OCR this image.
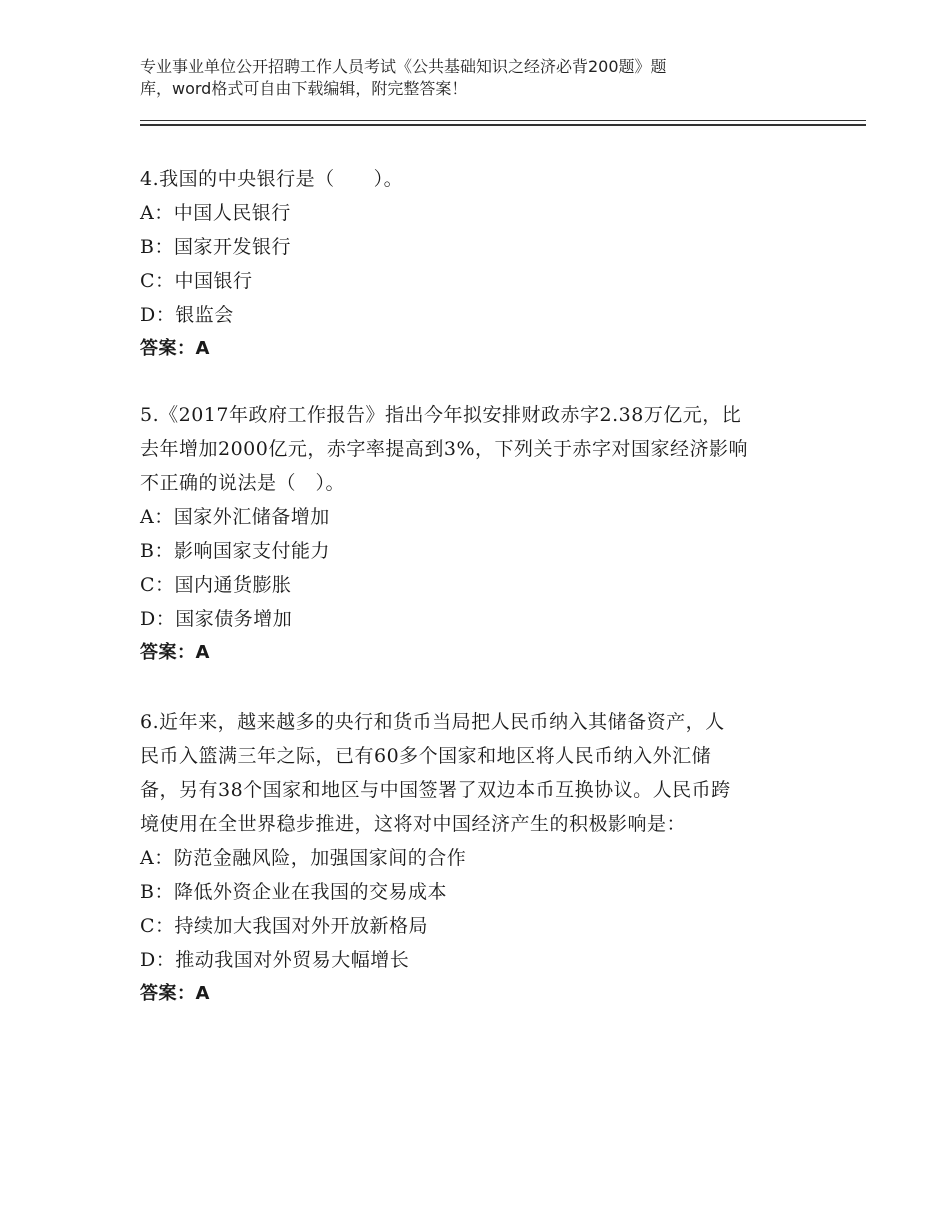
专业事业单位公开招聘工作人员考试《公共基础知识之经济必背200题》题
库，word格式可自由下载编辑，附完整答案！
4.我国的中央银行是（　　）。
A：中国人民银行
B：国家开发银行
C：中国银行
D：银监会
答案：A
5.《2017年政府工作报告》指出今年拟安排财政赤字2.38万亿元，比
去年增加2000亿元，赤字率提高到3%，下列关于赤字对国家经济影响
不正确的说法是（　）。
A：国家外汇储备增加
B：影响国家支付能力
C：国内通货膨胀
D：国家债务增加
答案：A
6.近年来，越来越多的央行和货币当局把人民币纳入其储备资产，人
民币入篮满三年之际，已有60多个国家和地区将人民币纳入外汇储
备，另有38个国家和地区与中国签署了双边本币互换协议。人民币跨
境使用在全世界稳步推进，这将对中国经济产生的积极影响是：
A：防范金融风险，加强国家间的合作
B：降低外资企业在我国的交易成本
C：持续加大我国对外开放新格局
D：推动我国对外贸易大幅增长
答案：A
